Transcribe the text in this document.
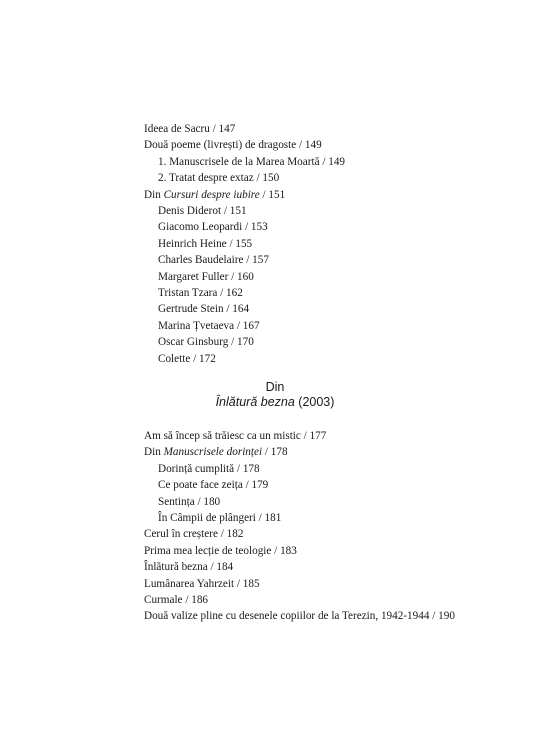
Ideea de Sacru / 147
Două poeme (livrești) de dragoste / 149
1. Manuscrisele de la Marea Moartă / 149
2. Tratat despre extaz / 150
Din Cursuri despre iubire / 151
Denis Diderot / 151
Giacomo Leopardi / 153
Heinrich Heine / 155
Charles Baudelaire / 157
Margaret Fuller / 160
Tristan Tzara / 162
Gertrude Stein / 164
Marina Țvetaeva / 167
Oscar Ginsburg / 170
Colette / 172
Din
Înlătură bezna (2003)
Am să încep să trăiesc ca un mistic / 177
Din Manuscrisele dorinței / 178
Dorință cumplită / 178
Ce poate face zeița / 179
Sentința / 180
În Câmpii de plângeri / 181
Cerul în creștere / 182
Prima mea lecție de teologie / 183
Înlătură bezna / 184
Lumânarea Yahrzeit / 185
Curmale / 186
Două valize pline cu desenele copiilor de la Terezin, 1942-1944 / 190
